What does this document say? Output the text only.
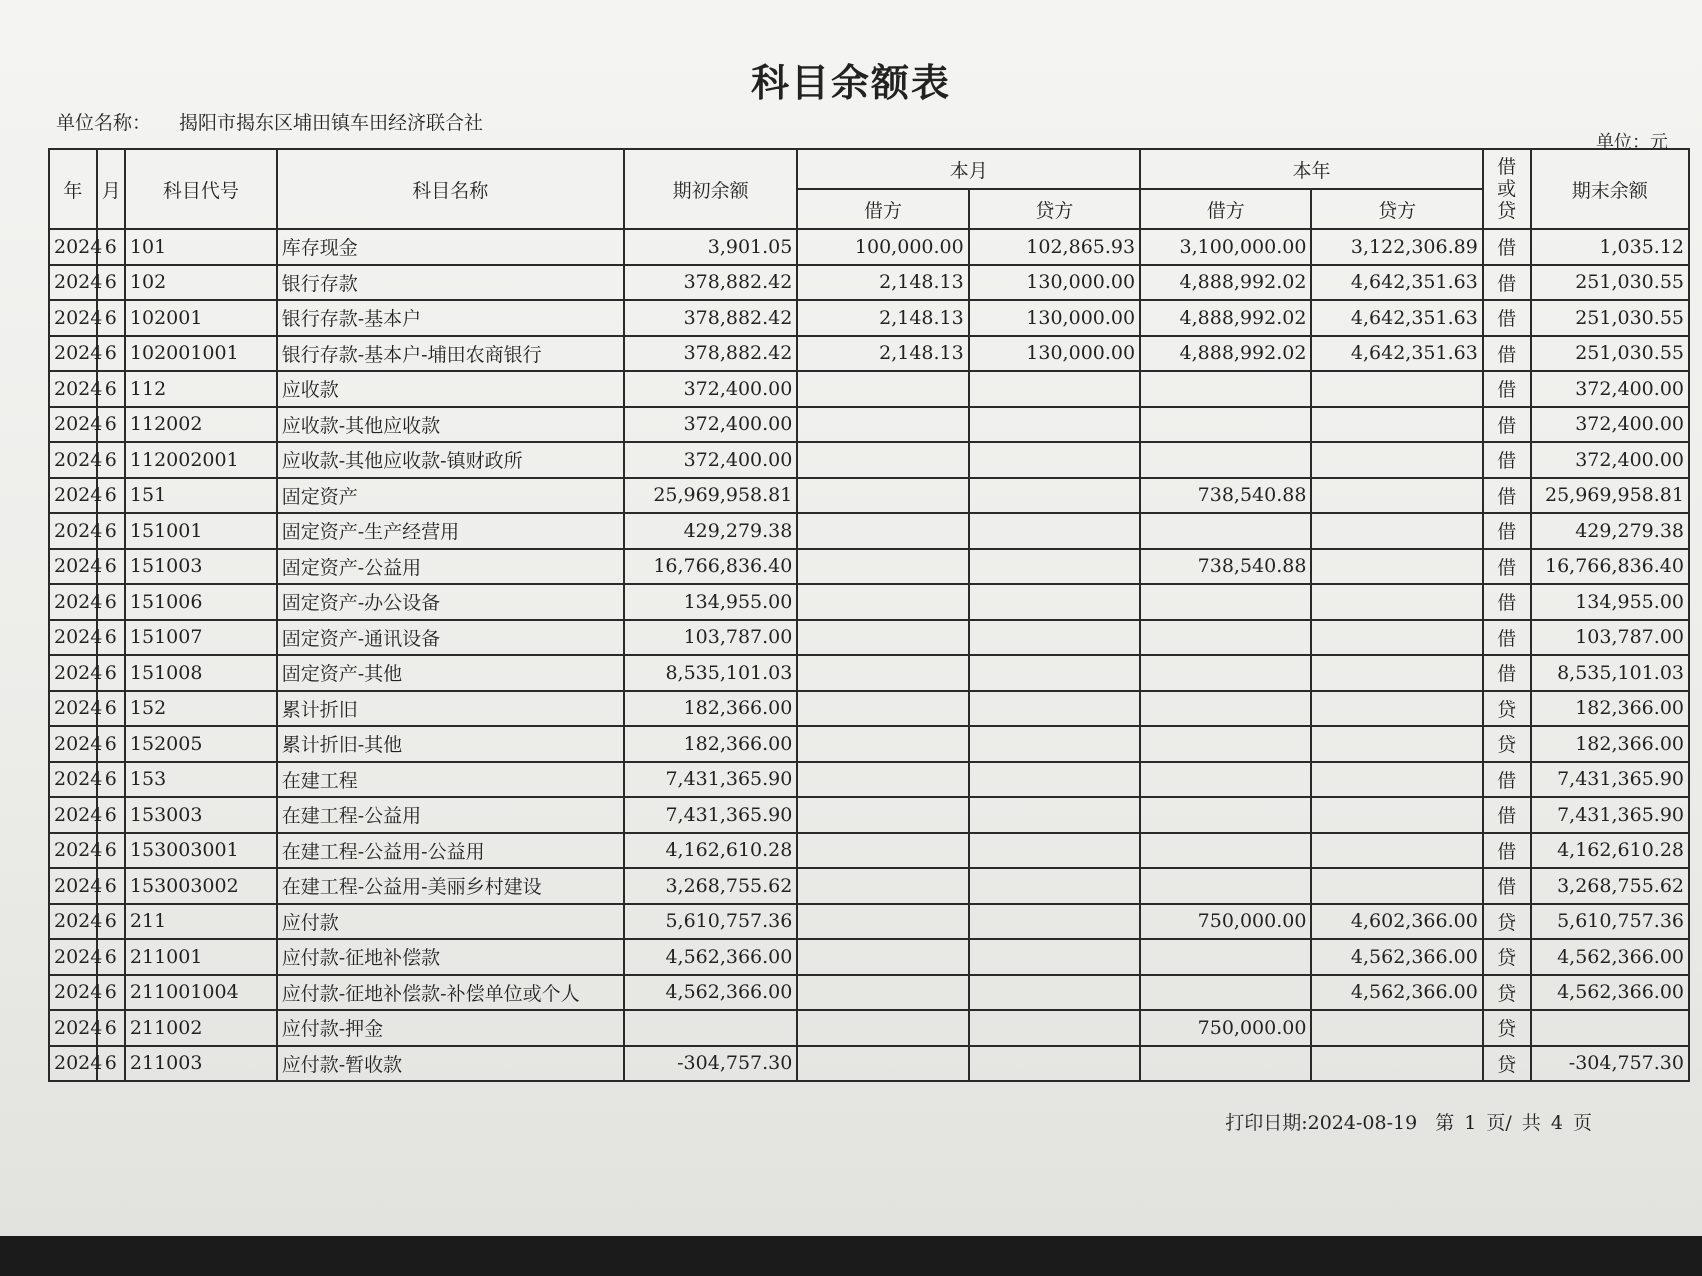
科目余额表
单位名称： 揭阳市揭东区埔田镇车田经济联合社
单位：元
年	月	科目代号	科目名称	期初余额	本月		本年		借
或
贷	期末余额
					借方	贷方	借方	贷方		
2024	6	101	库存现金	3,901.05	100,000.00	102,865.93	3,100,000.00	3,122,306.89	借	1,035.12
2024	6	102	银行存款	378,882.42	2,148.13	130,000.00	4,888,992.02	4,642,351.63	借	251,030.55
2024	6	102001	银行存款-基本户	378,882.42	2,148.13	130,000.00	4,888,992.02	4,642,351.63	借	251,030.55
2024	6	102001001	银行存款-基本户-埔田农商银行	378,882.42	2,148.13	130,000.00	4,888,992.02	4,642,351.63	借	251,030.55
2024	6	112	应收款	372,400.00					借	372,400.00
2024	6	112002	应收款-其他应收款	372,400.00					借	372,400.00
2024	6	112002001	应收款-其他应收款-镇财政所	372,400.00					借	372,400.00
2024	6	151	固定资产	25,969,958.81			738,540.88		借	25,969,958.81
2024	6	151001	固定资产-生产经营用	429,279.38					借	429,279.38
2024	6	151003	固定资产-公益用	16,766,836.40			738,540.88		借	16,766,836.40
2024	6	151006	固定资产-办公设备	134,955.00					借	134,955.00
2024	6	151007	固定资产-通讯设备	103,787.00					借	103,787.00
2024	6	151008	固定资产-其他	8,535,101.03					借	8,535,101.03
2024	6	152	累计折旧	182,366.00					贷	182,366.00
2024	6	152005	累计折旧-其他	182,366.00					贷	182,366.00
2024	6	153	在建工程	7,431,365.90					借	7,431,365.90
2024	6	153003	在建工程-公益用	7,431,365.90					借	7,431,365.90
2024	6	153003001	在建工程-公益用-公益用	4,162,610.28					借	4,162,610.28
2024	6	153003002	在建工程-公益用-美丽乡村建设	3,268,755.62					借	3,268,755.62
2024	6	211	应付款	5,610,757.36			750,000.00	4,602,366.00	贷	5,610,757.36
2024	6	211001	应付款-征地补偿款	4,562,366.00				4,562,366.00	贷	4,562,366.00
2024	6	211001004	应付款-征地补偿款-补偿单位或个人	4,562,366.00				4,562,366.00	贷	4,562,366.00
2024	6	211002	应付款-押金				750,000.00		贷	
2024	6	211003	应付款-暂收款	-304,757.30					贷	-304,757.30
打印日期:2024-08-19 第 1 页/ 共 4 页
